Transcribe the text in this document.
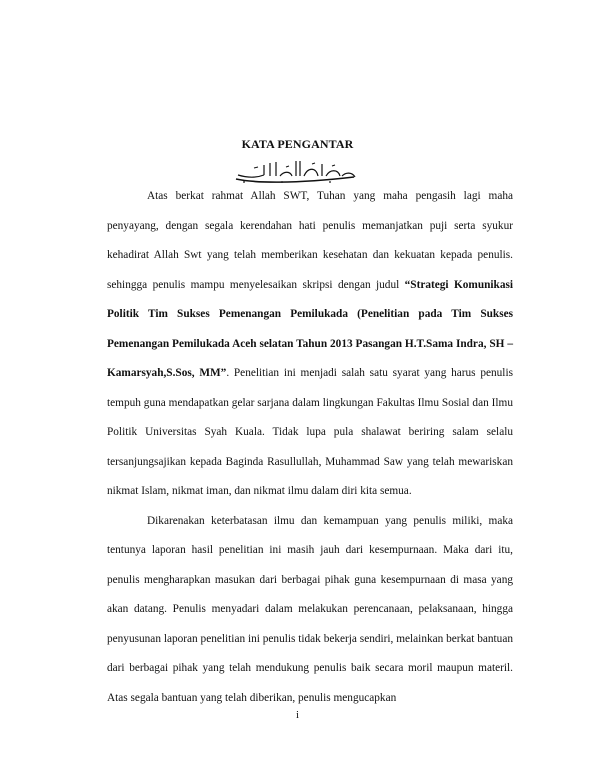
KATA PENGANTAR

Atas berkat rahmat Allah SWT, Tuhan yang maha pengasih lagi maha penyayang, dengan segala kerendahan hati penulis memanjatkan puji serta syukur kehadirat Allah Swt yang telah memberikan kesehatan dan kekuatan kepada penulis. sehingga penulis mampu menyelesaikan skripsi dengan judul “Strategi Komunikasi Politik Tim Sukses Pemenangan Pemilukada (Penelitian pada Tim Sukses Pemenangan Pemilukada Aceh selatan Tahun 2013 Pasangan H.T.Sama Indra, SH – Kamarsyah,S.Sos, MM”. Penelitian ini menjadi salah satu syarat yang harus penulis tempuh guna mendapatkan gelar sarjana dalam lingkungan Fakultas Ilmu Sosial dan Ilmu Politik Universitas Syah Kuala. Tidak lupa pula shalawat beriring salam selalu tersanjungsajikan kepada Baginda Rasullullah, Muhammad Saw yang telah mewariskan nikmat Islam, nikmat iman, dan nikmat ilmu dalam diri kita semua.

Dikarenakan keterbatasan ilmu dan kemampuan yang penulis miliki, maka tentunya laporan hasil penelitian ini masih jauh dari kesempurnaan. Maka dari itu, penulis mengharapkan masukan dari berbagai pihak guna kesempurnaan di masa yang akan datang. Penulis menyadari dalam melakukan perencanaan, pelaksanaan, hingga penyusunan laporan penelitian ini penulis tidak bekerja sendiri, melainkan berkat bantuan dari berbagai pihak yang telah mendukung penulis baik secara moril maupun materil. Atas segala bantuan yang telah diberikan, penulis mengucapkan

i
